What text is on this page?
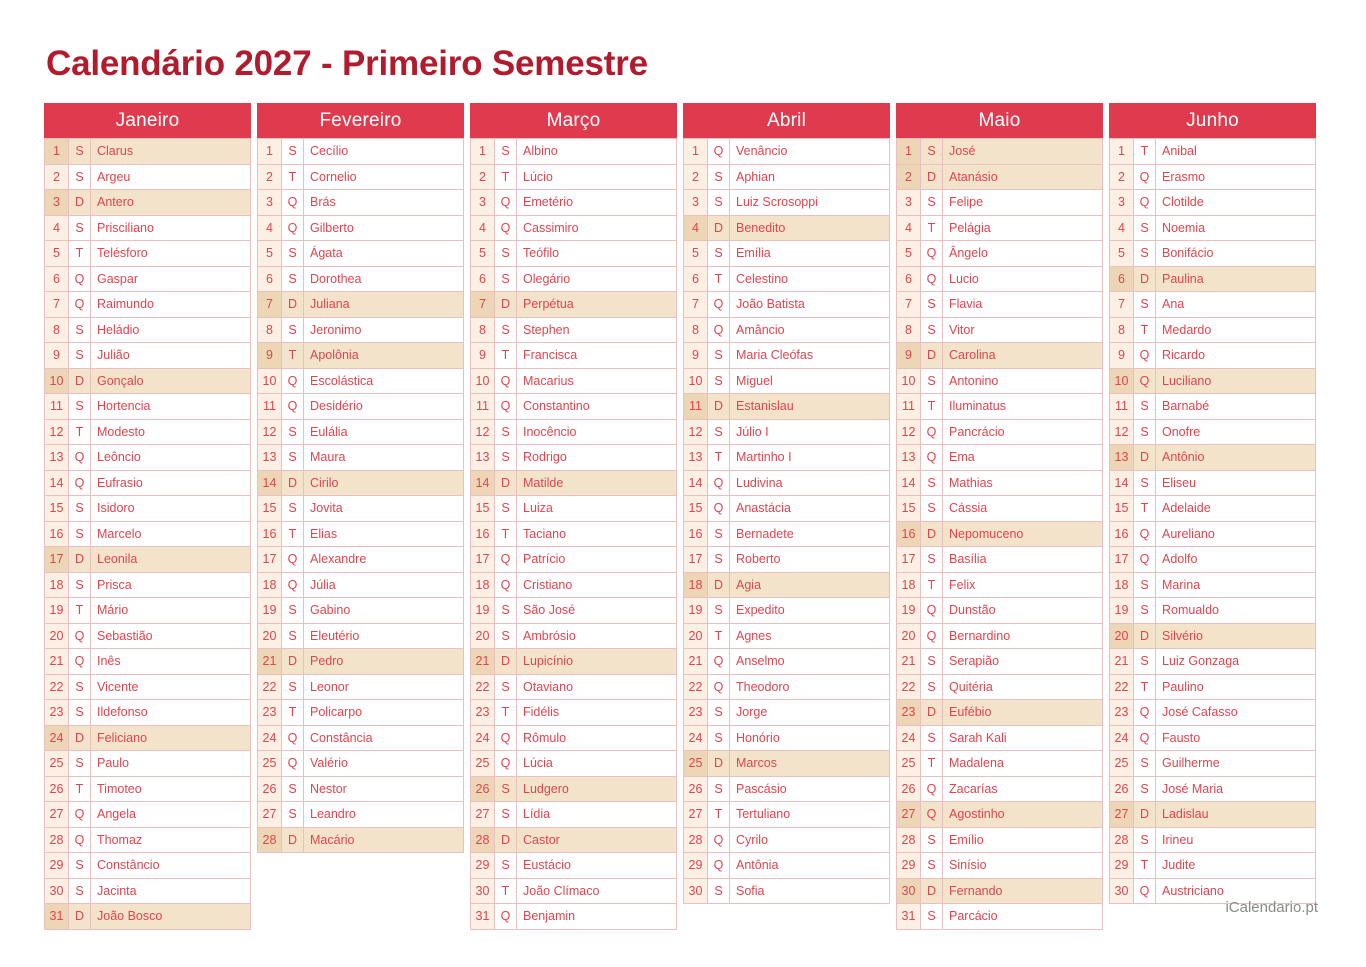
Calendário 2027 - Primeiro Semestre
Janeiro
1	S	Clarus
2	S	Argeu
3	D	Antero
4	S	Prisciliano
5	T	Telésforo
6	Q	Gaspar
7	Q	Raimundo
8	S	Heládio
9	S	Julião
10	D	Gonçalo
11	S	Hortencia
12	T	Modesto
13	Q	Leôncio
14	Q	Eufrasio
15	S	Isidoro
16	S	Marcelo
17	D	Leonila
18	S	Prisca
19	T	Mário
20	Q	Sebastião
21	Q	Inês
22	S	Vicente
23	S	Ildefonso
24	D	Feliciano
25	S	Paulo
26	T	Timoteo
27	Q	Angela
28	Q	Thomaz
29	S	Constâncio
30	S	Jacinta
31	D	João Bosco
Fevereiro
1	S	Cecílio
2	T	Cornelio
3	Q	Brás
4	Q	Gilberto
5	S	Ágata
6	S	Dorothea
7	D	Juliana
8	S	Jeronimo
9	T	Apolônia
10	Q	Escolástica
11	Q	Desidério
12	S	Eulália
13	S	Maura
14	D	Cirilo
15	S	Jovita
16	T	Elias
17	Q	Alexandre
18	Q	Júlia
19	S	Gabino
20	S	Eleutério
21	D	Pedro
22	S	Leonor
23	T	Policarpo
24	Q	Constância
25	Q	Valério
26	S	Nestor
27	S	Leandro
28	D	Macário
Março
1	S	Albino
2	T	Lúcio
3	Q	Emetério
4	Q	Cassimiro
5	S	Teófilo
6	S	Olegário
7	D	Perpétua
8	S	Stephen
9	T	Francisca
10	Q	Macarius
11	Q	Constantino
12	S	Inocêncio
13	S	Rodrigo
14	D	Matilde
15	S	Luiza
16	T	Taciano
17	Q	Patrício
18	Q	Cristiano
19	S	São José
20	S	Ambrósio
21	D	Lupicínio
22	S	Otaviano
23	T	Fidélis
24	Q	Rômulo
25	Q	Lúcia
26	S	Ludgero
27	S	Lídia
28	D	Castor
29	S	Eustácio
30	T	João Clímaco
31	Q	Benjamin
Abril
1	Q	Venâncio
2	S	Aphian
3	S	Luiz Scrosoppi
4	D	Benedito
5	S	Emília
6	T	Celestino
7	Q	João Batista
8	Q	Amâncio
9	S	Maria Cleófas
10	S	Miguel
11	D	Estanislau
12	S	Júlio I
13	T	Martinho I
14	Q	Ludivina
15	Q	Anastácia
16	S	Bernadete
17	S	Roberto
18	D	Agia
19	S	Expedito
20	T	Agnes
21	Q	Anselmo
22	Q	Theodoro
23	S	Jorge
24	S	Honório
25	D	Marcos
26	S	Pascásio
27	T	Tertuliano
28	Q	Cyrilo
29	Q	Antônia
30	S	Sofia
Maio
1	S	José
2	D	Atanásio
3	S	Felipe
4	T	Pelágia
5	Q	Ângelo
6	Q	Lucio
7	S	Flavia
8	S	Vitor
9	D	Carolina
10	S	Antonino
11	T	Iluminatus
12	Q	Pancrácio
13	Q	Ema
14	S	Mathias
15	S	Cássia
16	D	Nepomuceno
17	S	Basília
18	T	Felix
19	Q	Dunstão
20	Q	Bernardino
21	S	Serapião
22	S	Quitéria
23	D	Eufébio
24	S	Sarah Kali
25	T	Madalena
26	Q	Zacarías
27	Q	Agostinho
28	S	Emílio
29	S	Sinísio
30	D	Fernando
31	S	Parcácio
Junho
1	T	Anibal
2	Q	Erasmo
3	Q	Clotilde
4	S	Noemia
5	S	Bonifácio
6	D	Paulina
7	S	Ana
8	T	Medardo
9	Q	Ricardo
10	Q	Luciliano
11	S	Barnabé
12	S	Onofre
13	D	Antônio
14	S	Eliseu
15	T	Adelaide
16	Q	Aureliano
17	Q	Adolfo
18	S	Marina
19	S	Romualdo
20	D	Silvério
21	S	Luiz Gonzaga
22	T	Paulino
23	Q	José Cafasso
24	Q	Fausto
25	S	Guilherme
26	S	José Maria
27	D	Ladislau
28	S	Irineu
29	T	Judite
30	Q	Austriciano
iCalendario.pt
